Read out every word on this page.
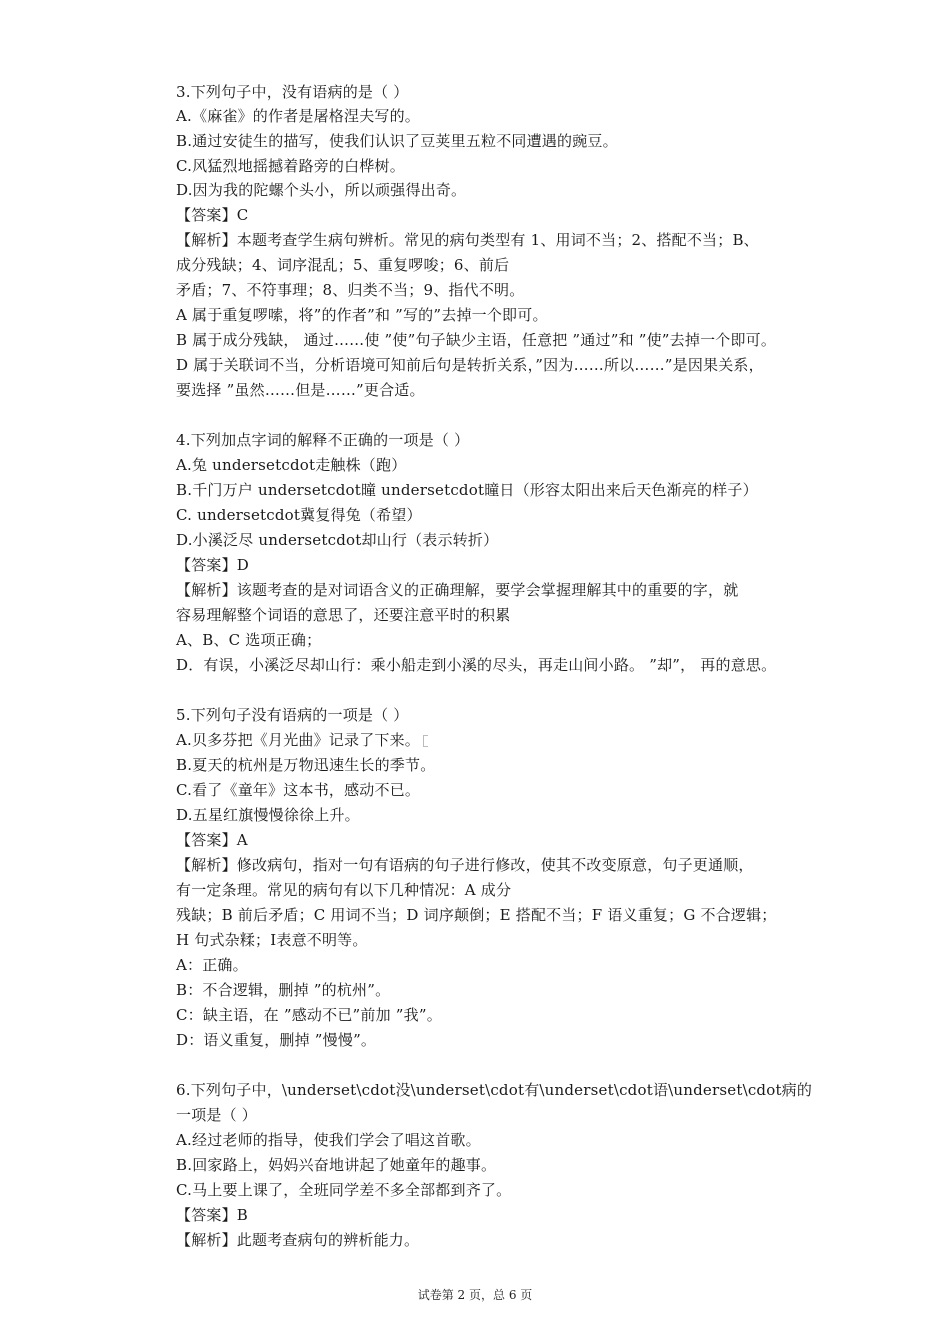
3.下列句子中，没有语病的是（ ）
A.《麻雀》的作者是屠格涅夫写的。
B.通过安徒生的描写，使我们认识了豆荚里五粒不同遭遇的豌豆。
C.风猛烈地摇撼着路旁的白桦树。
D.因为我的陀螺个头小，所以顽强得出奇。
【答案】C
【解析】本题考查学生病句辨析。常见的病句类型有 1、用词不当；2、搭配不当；B、
成分残缺；4、词序混乱；5、重复啰唆；6、前后
矛盾；7、不符事理；8、归类不当；9、指代不明。
A 属于重复啰嗦，将”的作者”和 ”写的”去掉一个即可。
B 属于成分残缺， 通过……使 ”使”句子缺少主语，任意把 ”通过”和 ”使”去掉一个即可。
D 属于关联词不当，分析语境可知前后句是转折关系，”因为……所以……”是因果关系，
要选择 ”虽然……但是……”更合适。
4.下列加点字词的解释不正确的一项是（ ）
A.兔 undersetcdot走触株（跑）
B.千门万户 undersetcdot曈 undersetcdot曈日（形容太阳出来后天色渐亮的样子）
C. undersetcdot冀复得兔（希望）
D.小溪泛尽 undersetcdot却山行（表示转折）
【答案】D
【解析】该题考查的是对词语含义的正确理解，要学会掌握理解其中的重要的字，就
容易理解整个词语的意思了，还要注意平时的积累
A、B、C 选项正确；
D．有误，小溪泛尽却山行：乘小船走到小溪的尽头，再走山间小路。 ”却”， 再的意思。
5.下列句子没有语病的一项是（ ）
A.贝多芬把《月光曲》记录了下来。
B.夏天的杭州是万物迅速生长的季节。
C.看了《童年》这本书，感动不已。
D.五星红旗慢慢徐徐上升。
【答案】A
【解析】修改病句，指对一句有语病的句子进行修改，使其不改变原意，句子更通顺，
有一定条理。常见的病句有以下几种情况：A 成分
残缺；B 前后矛盾；C 用词不当；D 词序颠倒；E 搭配不当；F 语义重复；G 不合逻辑；
H 句式杂糅；I表意不明等。
A：正确。
B：不合逻辑，删掉 ”的杭州”。
C：缺主语，在 ”感动不已”前加 ”我”。
D：语义重复，删掉 ”慢慢”。
6.下列句子中，\underset\cdot没\underset\cdot有\underset\cdot语\underset\cdot病的
一项是（ ）
A.经过老师的指导，使我们学会了唱这首歌。
B.回家路上，妈妈兴奋地讲起了她童年的趣事。
C.马上要上课了，全班同学差不多全部都到齐了。
【答案】B
【解析】此题考查病句的辨析能力。
试卷第 2 页，总 6 页
